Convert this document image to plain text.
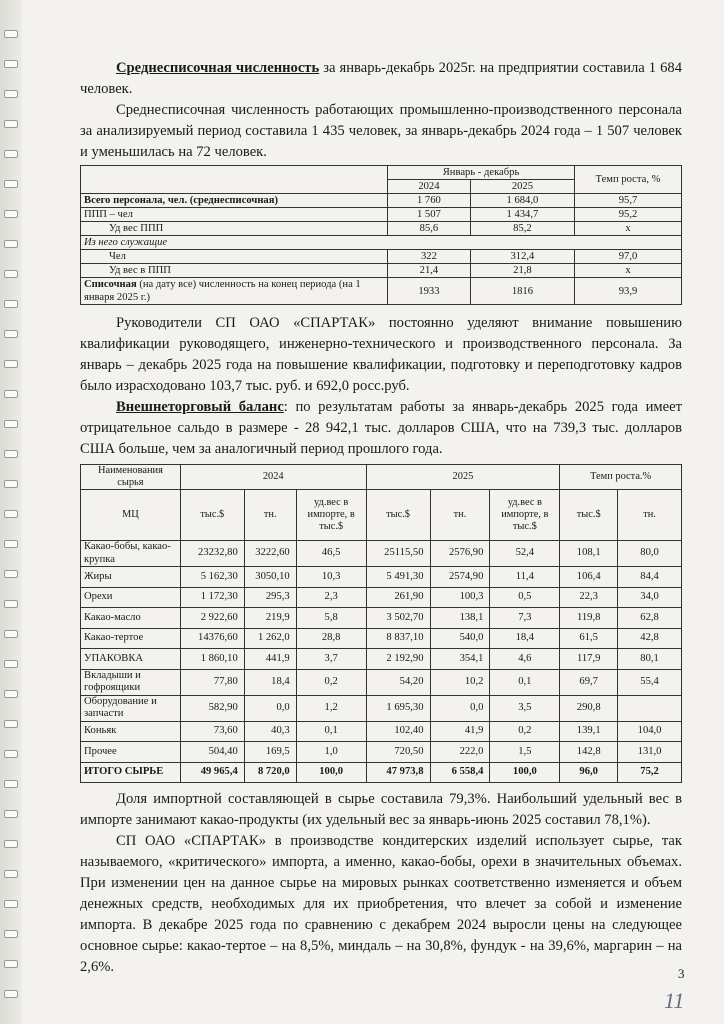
Среднесписочная численность за январь-декабрь 2025г. на предприятии составила 1 684 человек.

Среднесписочная численность работающих промышленно-производственного персонала за анализируемый период составила 1 435 человек, за январь-декабрь 2024 года – 1 507 человек и уменьшилась на 72 человек.

	Январь - декабрь		Темп роста, %
	2024	2025	
Всего персонала, чел. (среднесписочная)	1 760	1 684,0	95,7
ППП – чел	1 507	1 434,7	95,2
Уд вес ППП	85,6	85,2	x
Из него служащие			
Чел	322	312,4	97,0
Уд вес в ППП	21,4	21,8	x
Списочная (на дату все) численность на конец периода (на 1 января 2025 г.)	1933	1816	93,9

Руководители СП ОАО «СПАРТАК» постоянно уделяют внимание повышению квалификации руководящего, инженерно-технического и производственного персонала. За январь – декабрь 2025 года на повышение квалификации, подготовку и переподготовку кадров было израсходовано 103,7 тыс. руб. и 692,0 росс.руб.

Внешнеторговый баланс: по результатам работы за январь-декабрь 2025 года имеет отрицательное сальдо в размере - 28 942,1 тыс. долларов США, что на 739,3 тыс. долларов США больше, чем за аналогичный период прошлого года.

Наименования сырья	2024			2025			Темп роста.%	
МЦ	тыс.$	тн.	уд.вес в импорте, в тыс.$	тыс.$	тн.	уд.вес в импорте, в тыс.$	тыс.$	тн.
Какао-бобы, какао-крупка	23232,80	3222,60	46,5	25115,50	2576,90	52,4	108,1	80,0
Жиры	5 162,30	3050,10	10,3	5 491,30	2574,90	11,4	106,4	84,4
Орехи	1 172,30	295,3	2,3	261,90	100,3	0,5	22,3	34,0
Какао-масло	2 922,60	219,9	5,8	3 502,70	138,1	7,3	119,8	62,8
Какао-тертое	14376,60	1 262,0	28,8	8 837,10	540,0	18,4	61,5	42,8
УПАКОВКА	1 860,10	441,9	3,7	2 192,90	354,1	4,6	117,9	80,1
Вкладыши и гофроящики	77,80	18,4	0,2	54,20	10,2	0,1	69,7	55,4
Оборудование и запчасти	582,90	0,0	1,2	1 695,30	0,0	3,5	290,8	
Коньяк	73,60	40,3	0,1	102,40	41,9	0,2	139,1	104,0
Прочее	504,40	169,5	1,0	720,50	222,0	1,5	142,8	131,0
ИТОГО СЫРЬЕ	49 965,4	8 720,0	100,0	47 973,8	6 558,4	100,0	96,0	75,2

Доля импортной составляющей в сырье составила 79,3%. Наибольший удельный вес в импорте занимают какао-продукты (их удельный вес за январь-июнь 2025 составил 78,1%).

СП ОАО «СПАРТАК» в производстве кондитерских изделий использует сырье, так называемого, «критического» импорта, а именно, какао-бобы, орехи в значительных объемах. При изменении цен на данное сырье на мировых рынках соответственно изменяется и объем денежных средств, необходимых для их приобретения, что влечет за собой и изменение импорта. В декабре 2025 года по сравнению с декабрем 2024 выросли цены на следующее основное сырье: какао-тертое – на 8,5%, миндаль – на 30,8%, фундук - на 39,6%, маргарин – на 2,6%.	3
11
